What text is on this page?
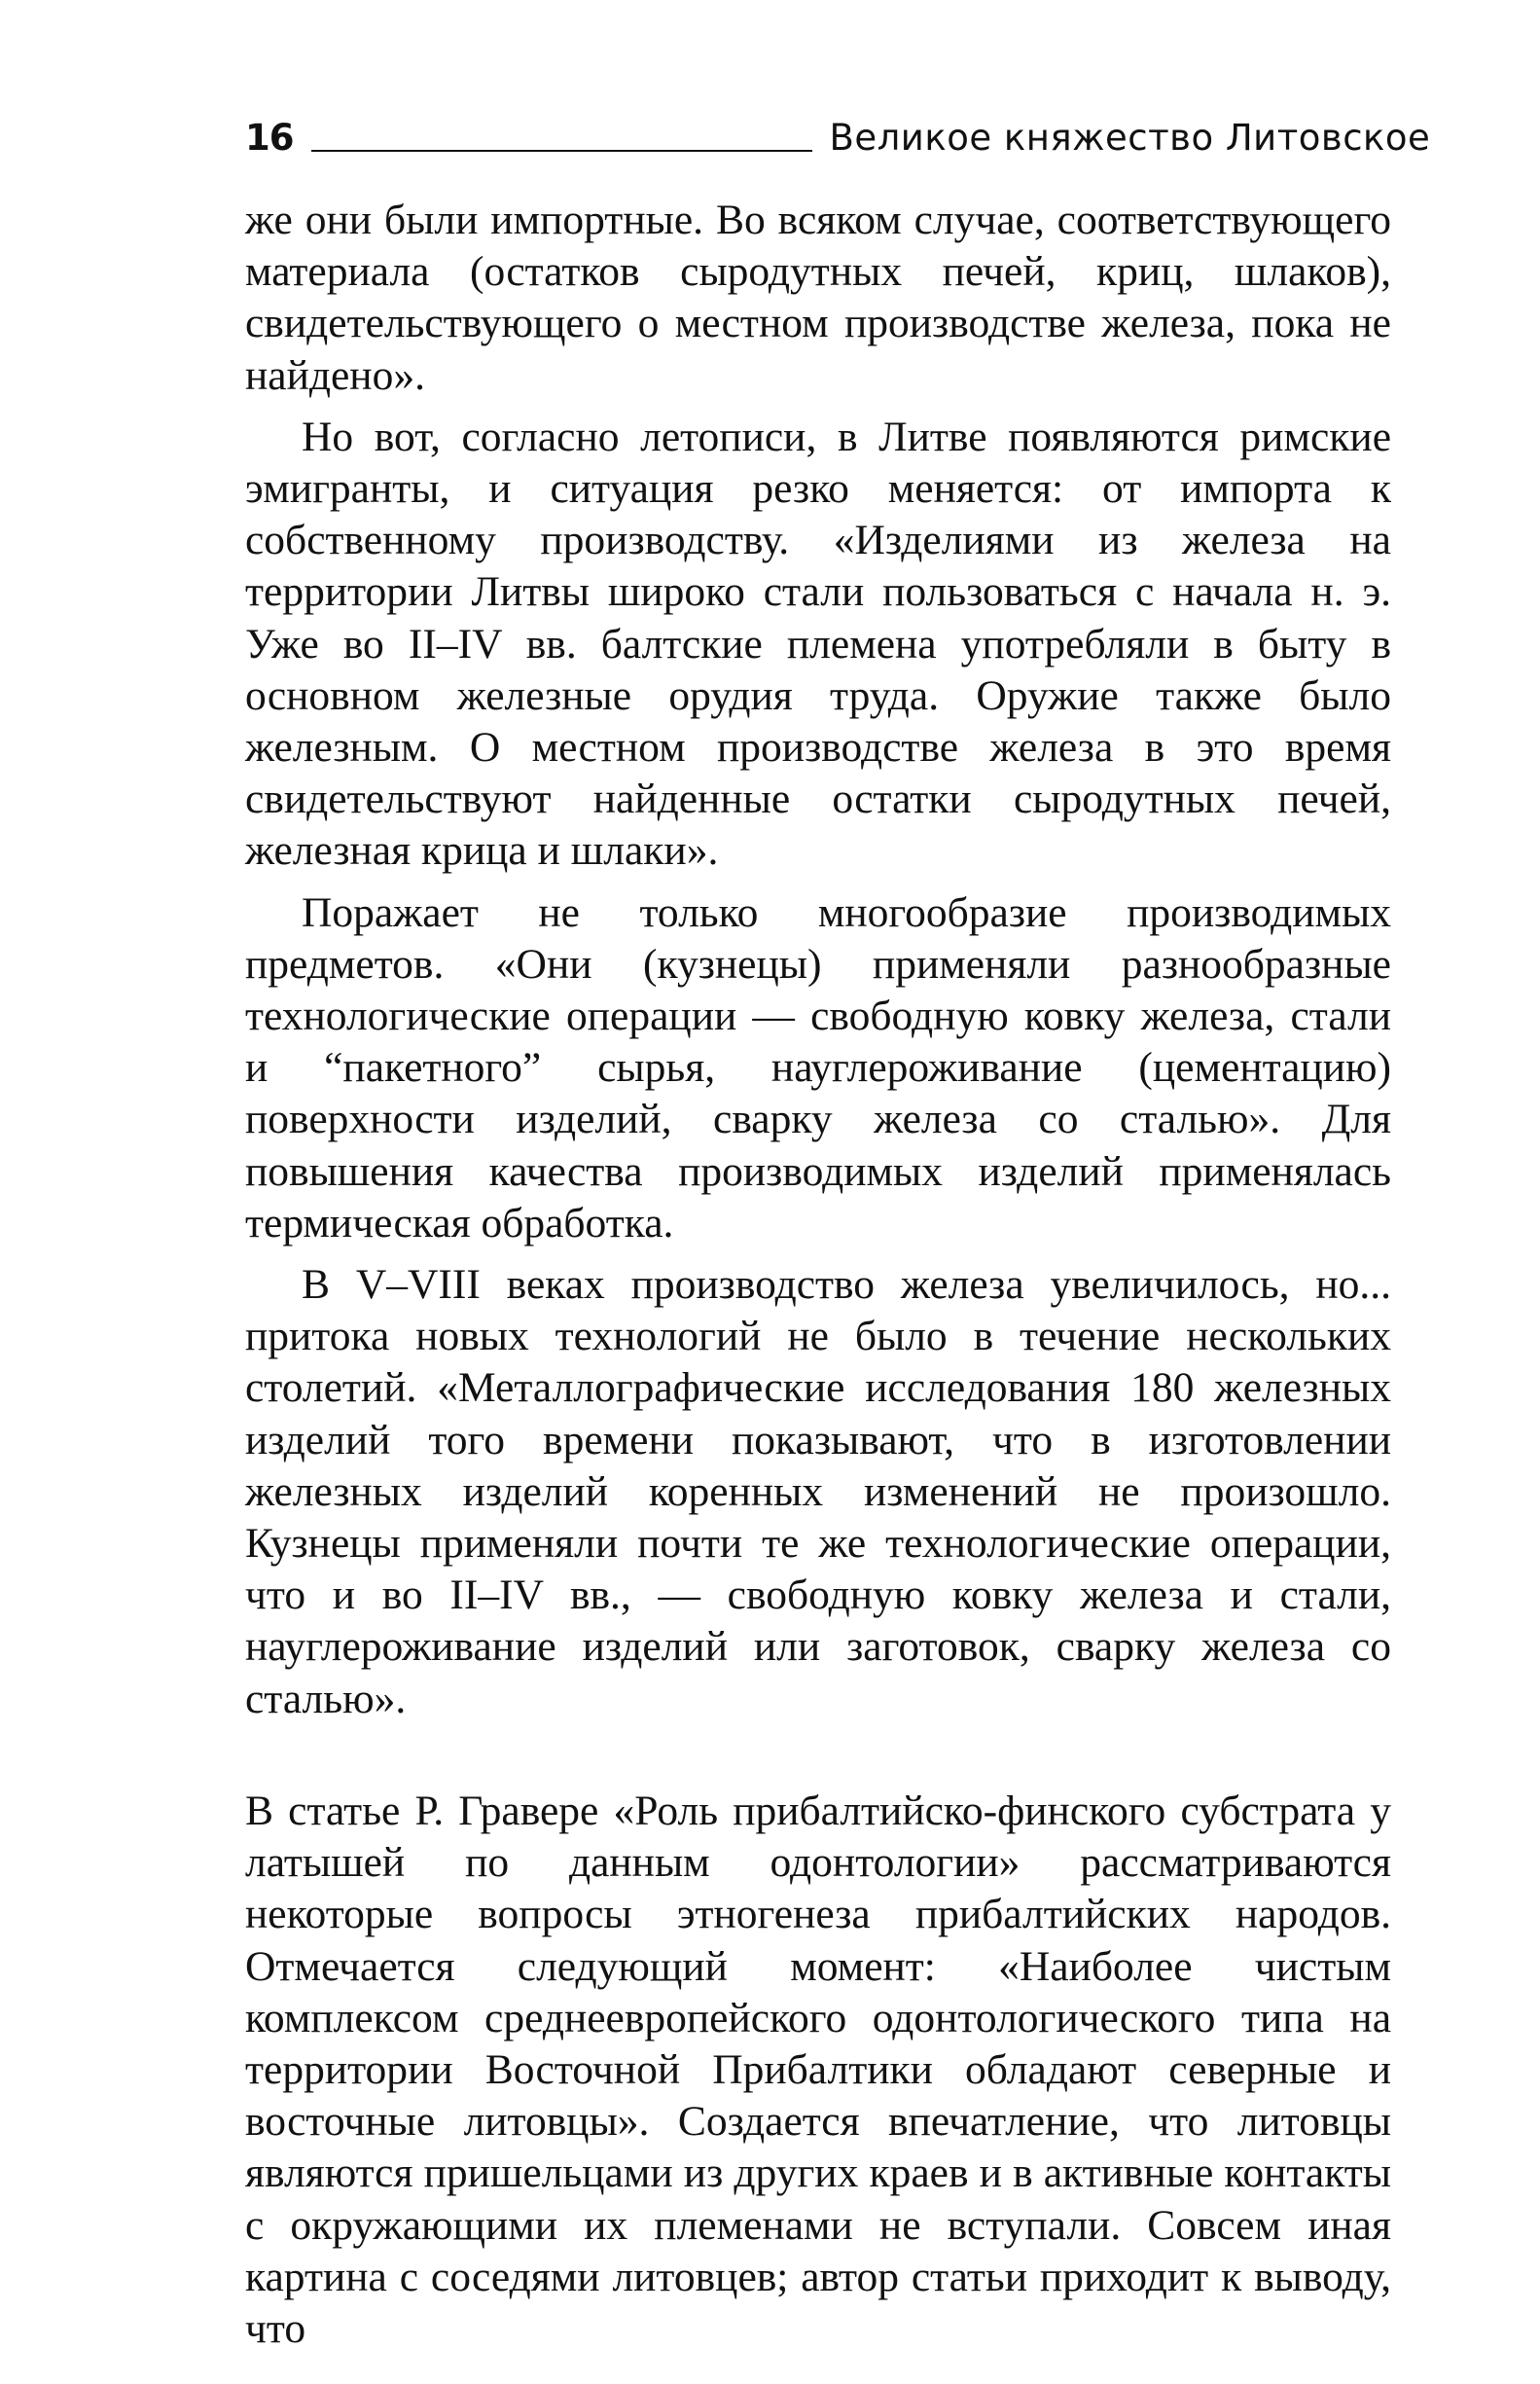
16	Великое княжество Литовское

же они были импортные. Во всяком случае, соответствующего материала (остатков сыродутных печей, криц, шлаков), свидетельствующего о местном производстве железа, пока не найдено».

Но вот, согласно летописи, в Литве появляются римские эмигранты, и ситуация резко меняется: от импорта к собственному производству. «Изделиями из железа на территории Литвы широко стали пользоваться с начала н. э. Уже во II–IV вв. балтские племена употребляли в быту в основном железные орудия труда. Оружие также было железным. О местном производстве железа в это время свидетельствуют найденные остатки сыродутных печей, железная крица и шлаки».

Поражает не только многообразие производимых предметов. «Они (кузнецы) применяли разнообразные технологические операции — свободную ковку железа, стали и “пакетного” сырья, науглероживание (цементацию) поверхности изделий, сварку железа со сталью». Для повышения качества производимых изделий применялась термическая обработка.

В V–VIII веках производство железа увеличилось, но... притока новых технологий не было в течение нескольких столетий. «Металлографические исследования 180 железных изделий того времени показывают, что в изготовлении железных изделий коренных изменений не произошло. Кузнецы применяли почти те же технологические операции, что и во II–IV вв., — свободную ковку железа и стали, науглероживание изделий или заготовок, сварку железа со сталью».

В статье Р. Гравере «Роль прибалтийско-финского субстрата у латышей по данным одонтологии» рассматриваются некоторые вопросы этногенеза прибалтийских народов. Отмечается следующий момент: «Наиболее чистым комплексом среднеевропейского одонтологического типа на территории Восточной Прибалтики обладают северные и восточные литовцы». Создается впечатление, что литовцы являются пришельцами из других краев и в активные контакты с окружающими их племенами не вступали. Совсем иная картина с соседями литовцев; автор статьи приходит к выводу, что
